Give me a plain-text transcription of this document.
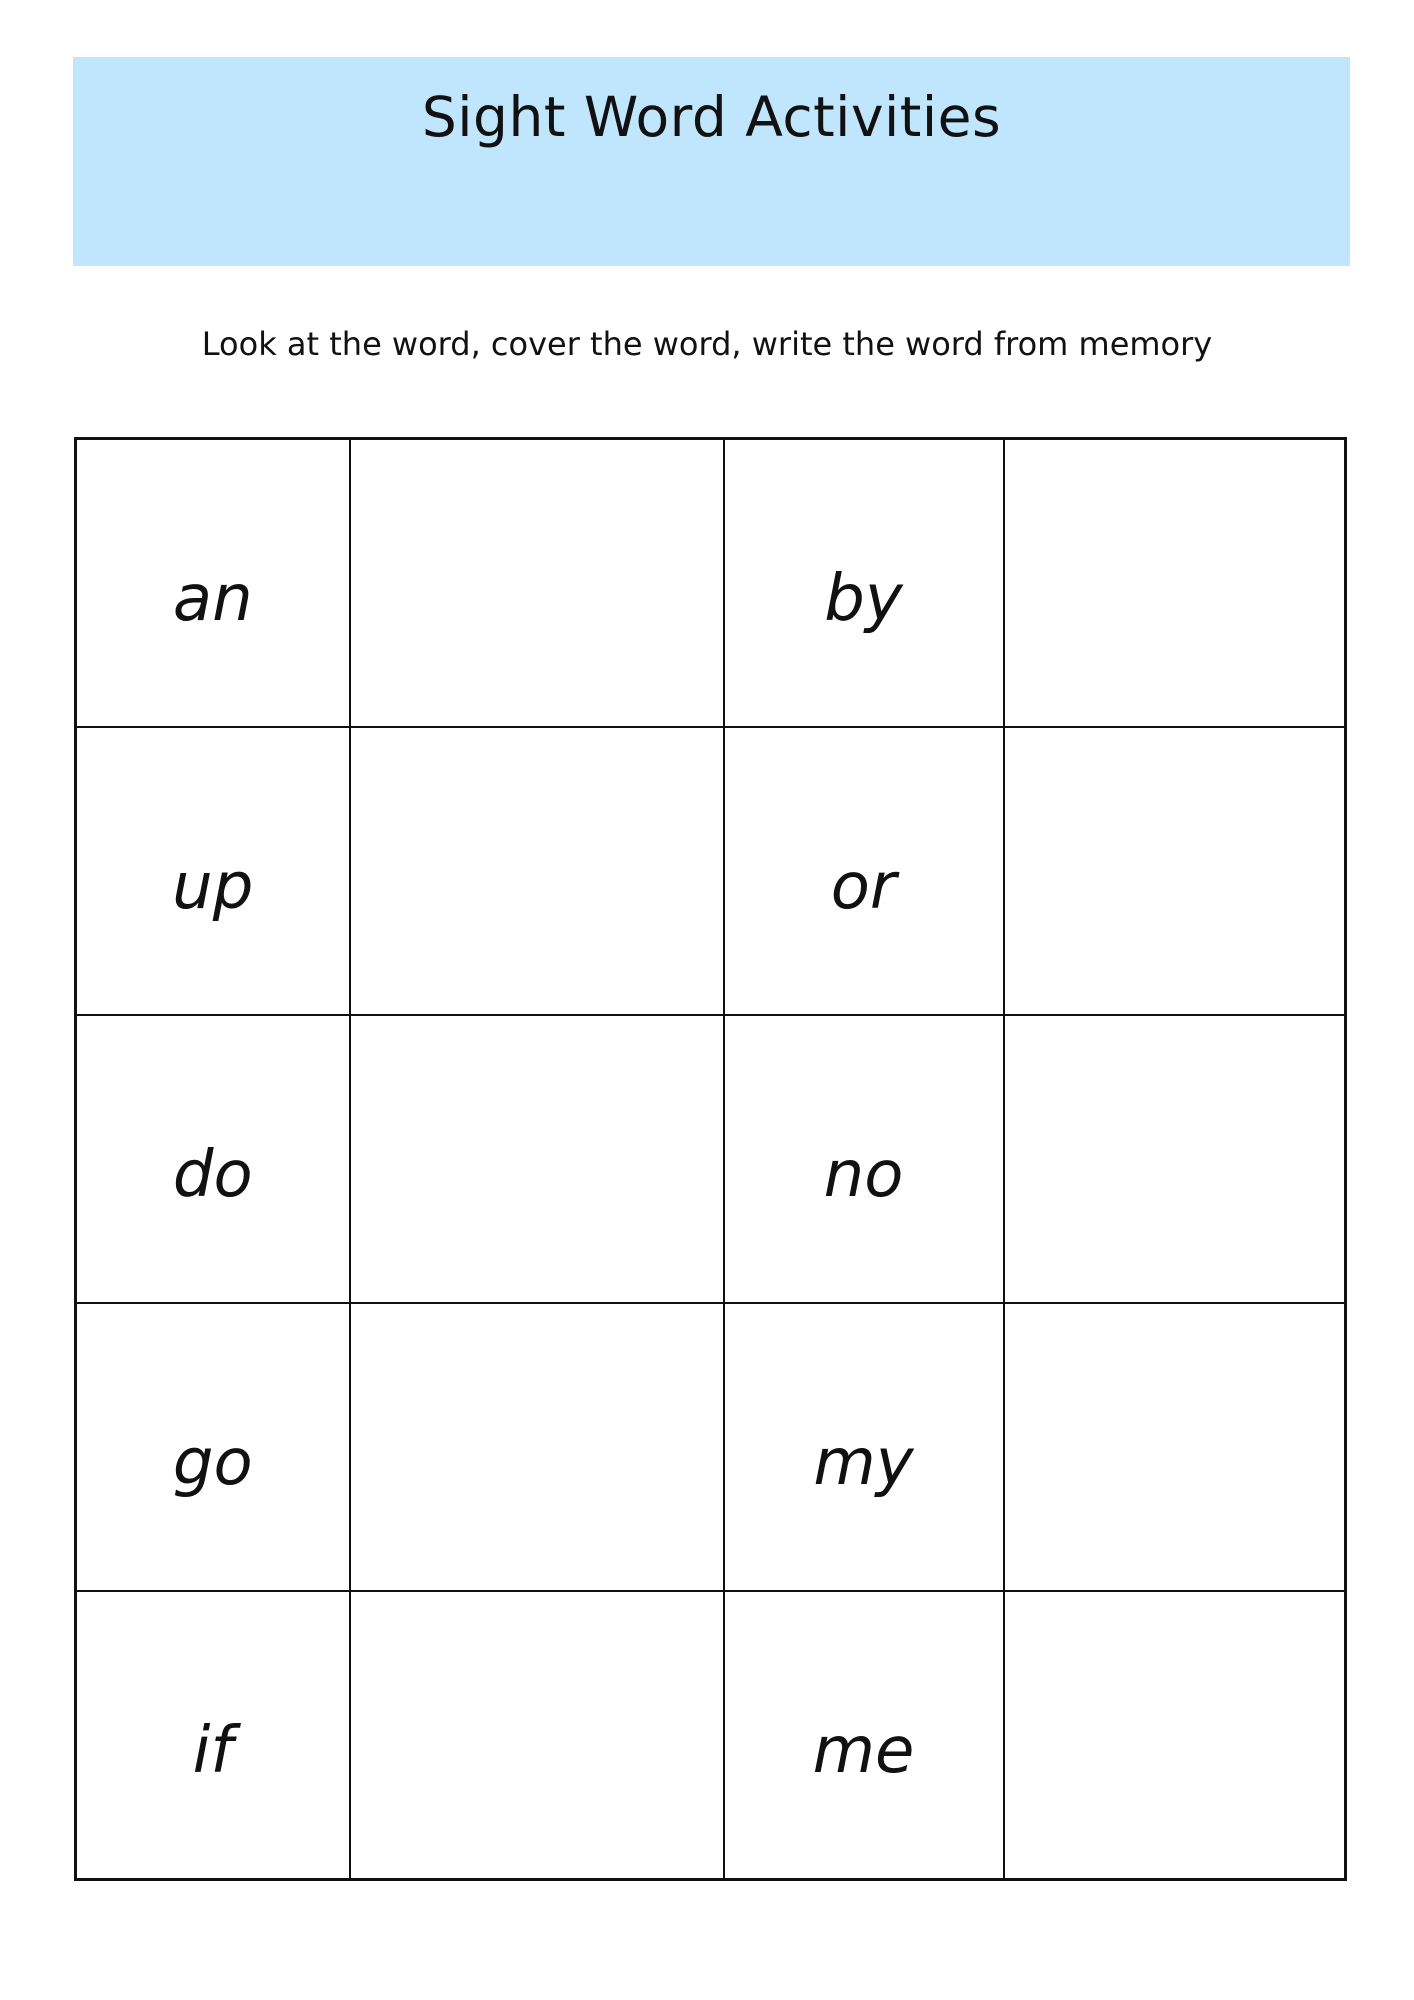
Sight Word Activities
Look at the word, cover the word, write the word from memory
an		by	
up		or	
do		no	
go		my	
if		me	
